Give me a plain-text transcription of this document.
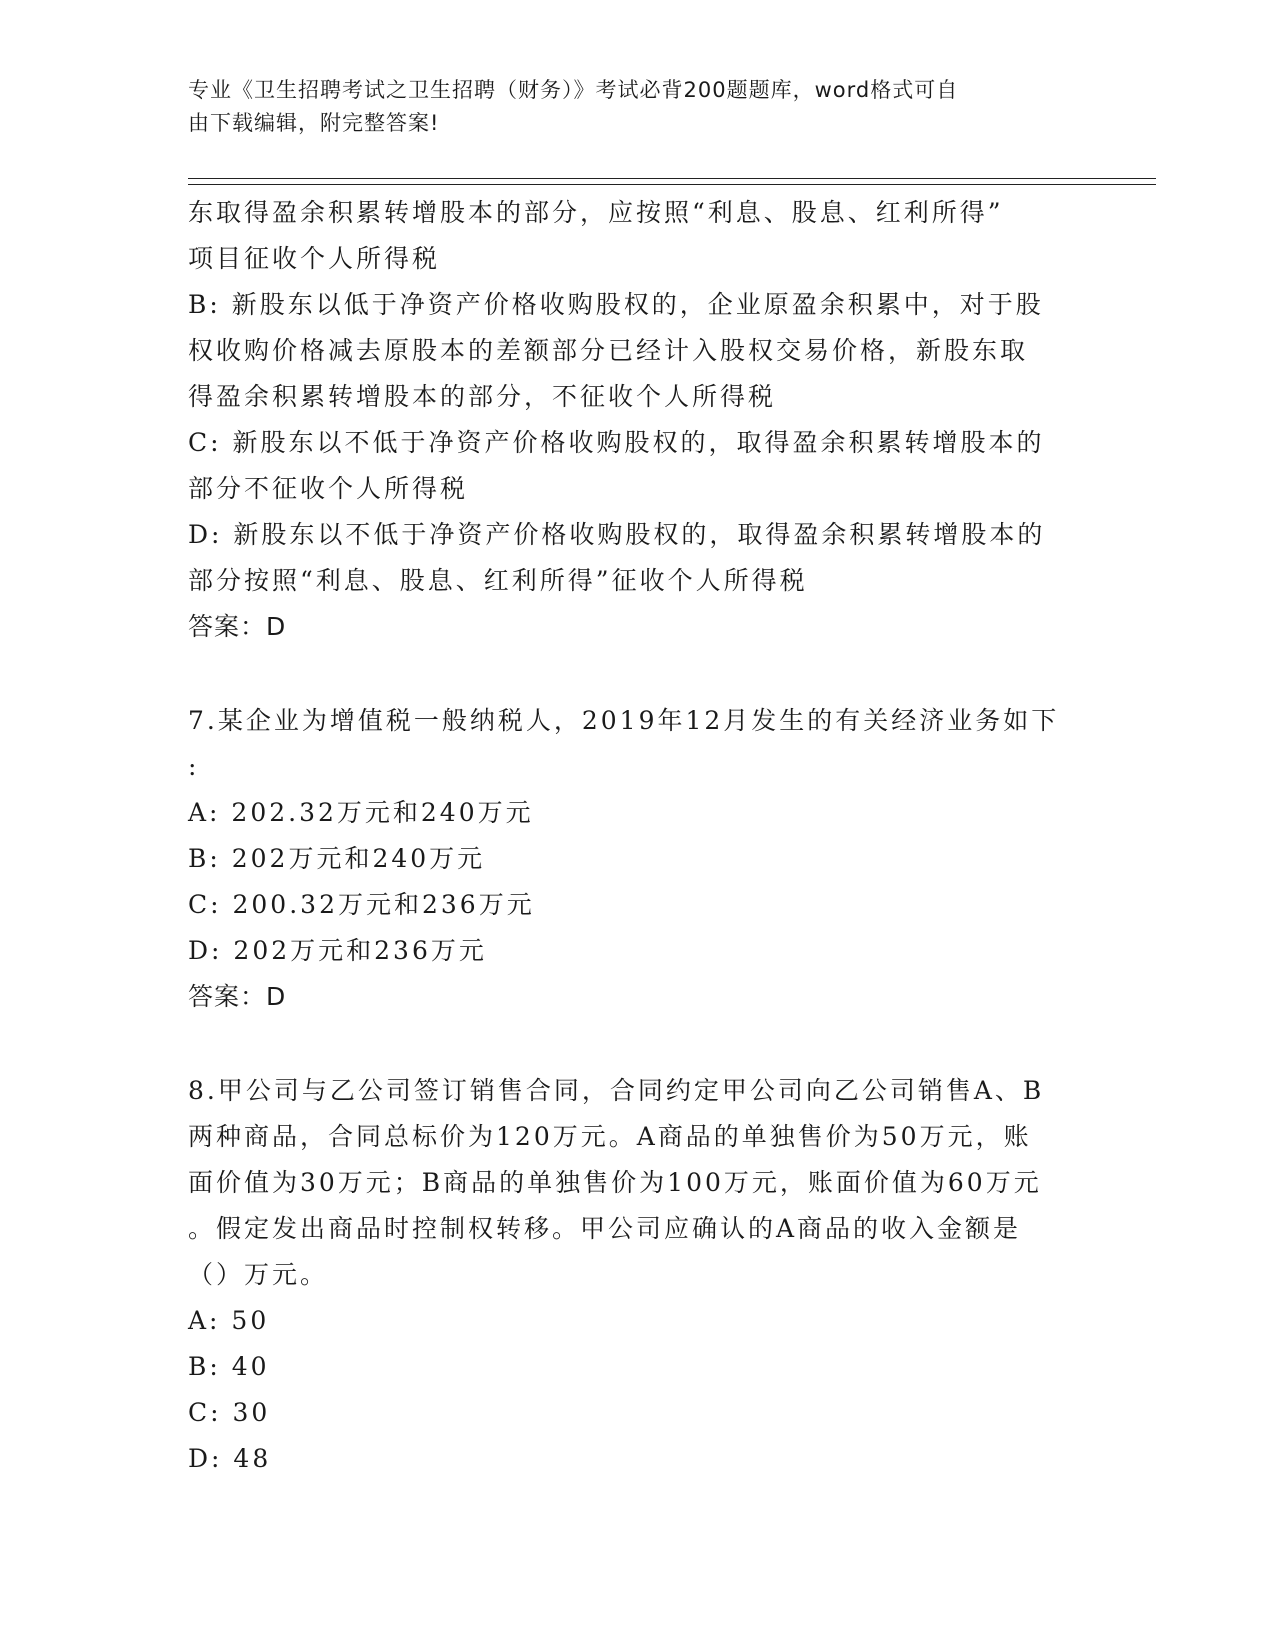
专业《卫生招聘考试之卫生招聘（财务）》考试必背200题题库，word格式可自
由下载编辑，附完整答案!
东取得盈余积累转增股本的部分，应按照“利息、股息、红利所得”
项目征收个人所得税
B: 新股东以低于净资产价格收购股权的，企业原盈余积累中，对于股
权收购价格减去原股本的差额部分已经计入股权交易价格，新股东取
得盈余积累转增股本的部分，不征收个人所得税
C: 新股东以不低于净资产价格收购股权的，取得盈余积累转增股本的
部分不征收个人所得税
D: 新股东以不低于净资产价格收购股权的，取得盈余积累转增股本的
部分按照“利息、股息、红利所得”征收个人所得税
答案：D
7.某企业为增值税一般纳税人，2019年12月发生的有关经济业务如下
:
A: 202.32万元和240万元
B: 202万元和240万元
C: 200.32万元和236万元
D: 202万元和236万元
答案：D
8.甲公司与乙公司签订销售合同，合同约定甲公司向乙公司销售A、B
两种商品，合同总标价为120万元。A商品的单独售价为50万元，账
面价值为30万元；B商品的单独售价为100万元，账面价值为60万元
。假定发出商品时控制权转移。甲公司应确认的A商品的收入金额是
（）万元。
A: 50
B: 40
C: 30
D: 48
